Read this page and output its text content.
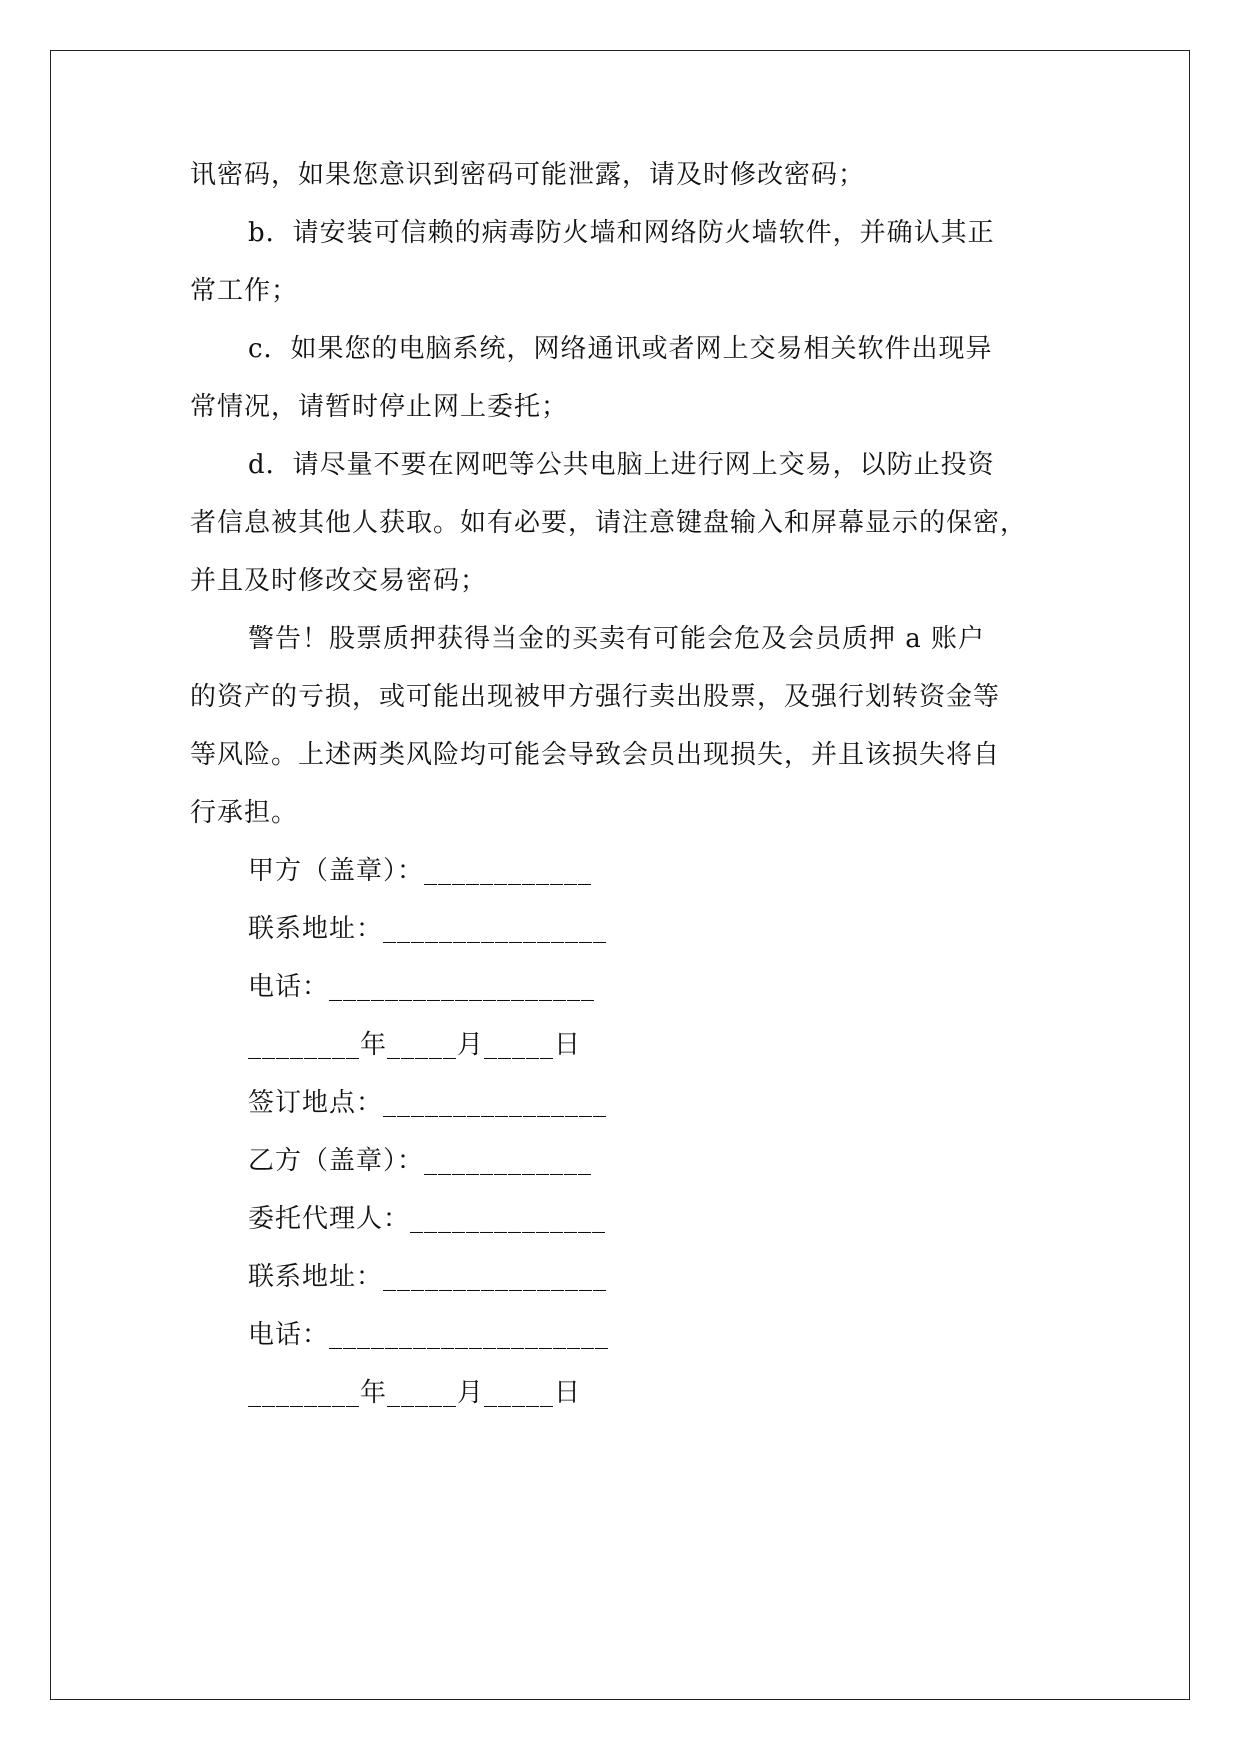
讯密码，如果您意识到密码可能泄露，请及时修改密码；
b．请安装可信赖的病毒防火墙和网络防火墙软件，并确认其正
常工作；
c．如果您的电脑系统，网络通讯或者网上交易相关软件出现异
常情况，请暂时停止网上委托；
d．请尽量不要在网吧等公共电脑上进行网上交易，以防止投资
者信息被其他人获取。如有必要，请注意键盘输入和屏幕显示的保密，
并且及时修改交易密码；
警告！股票质押获得当金的买卖有可能会危及会员质押 a 账户
的资产的亏损，或可能出现被甲方强行卖出股票，及强行划转资金等
等风险。上述两类风险均可能会导致会员出现损失，并且该损失将自
行承担。
甲方（盖章）：____________
联系地址：________________
电话：___________________
________年_____月_____日
签订地点：________________
乙方（盖章）：____________
委托代理人：______________
联系地址：________________
电话：____________________
________年_____月_____日
